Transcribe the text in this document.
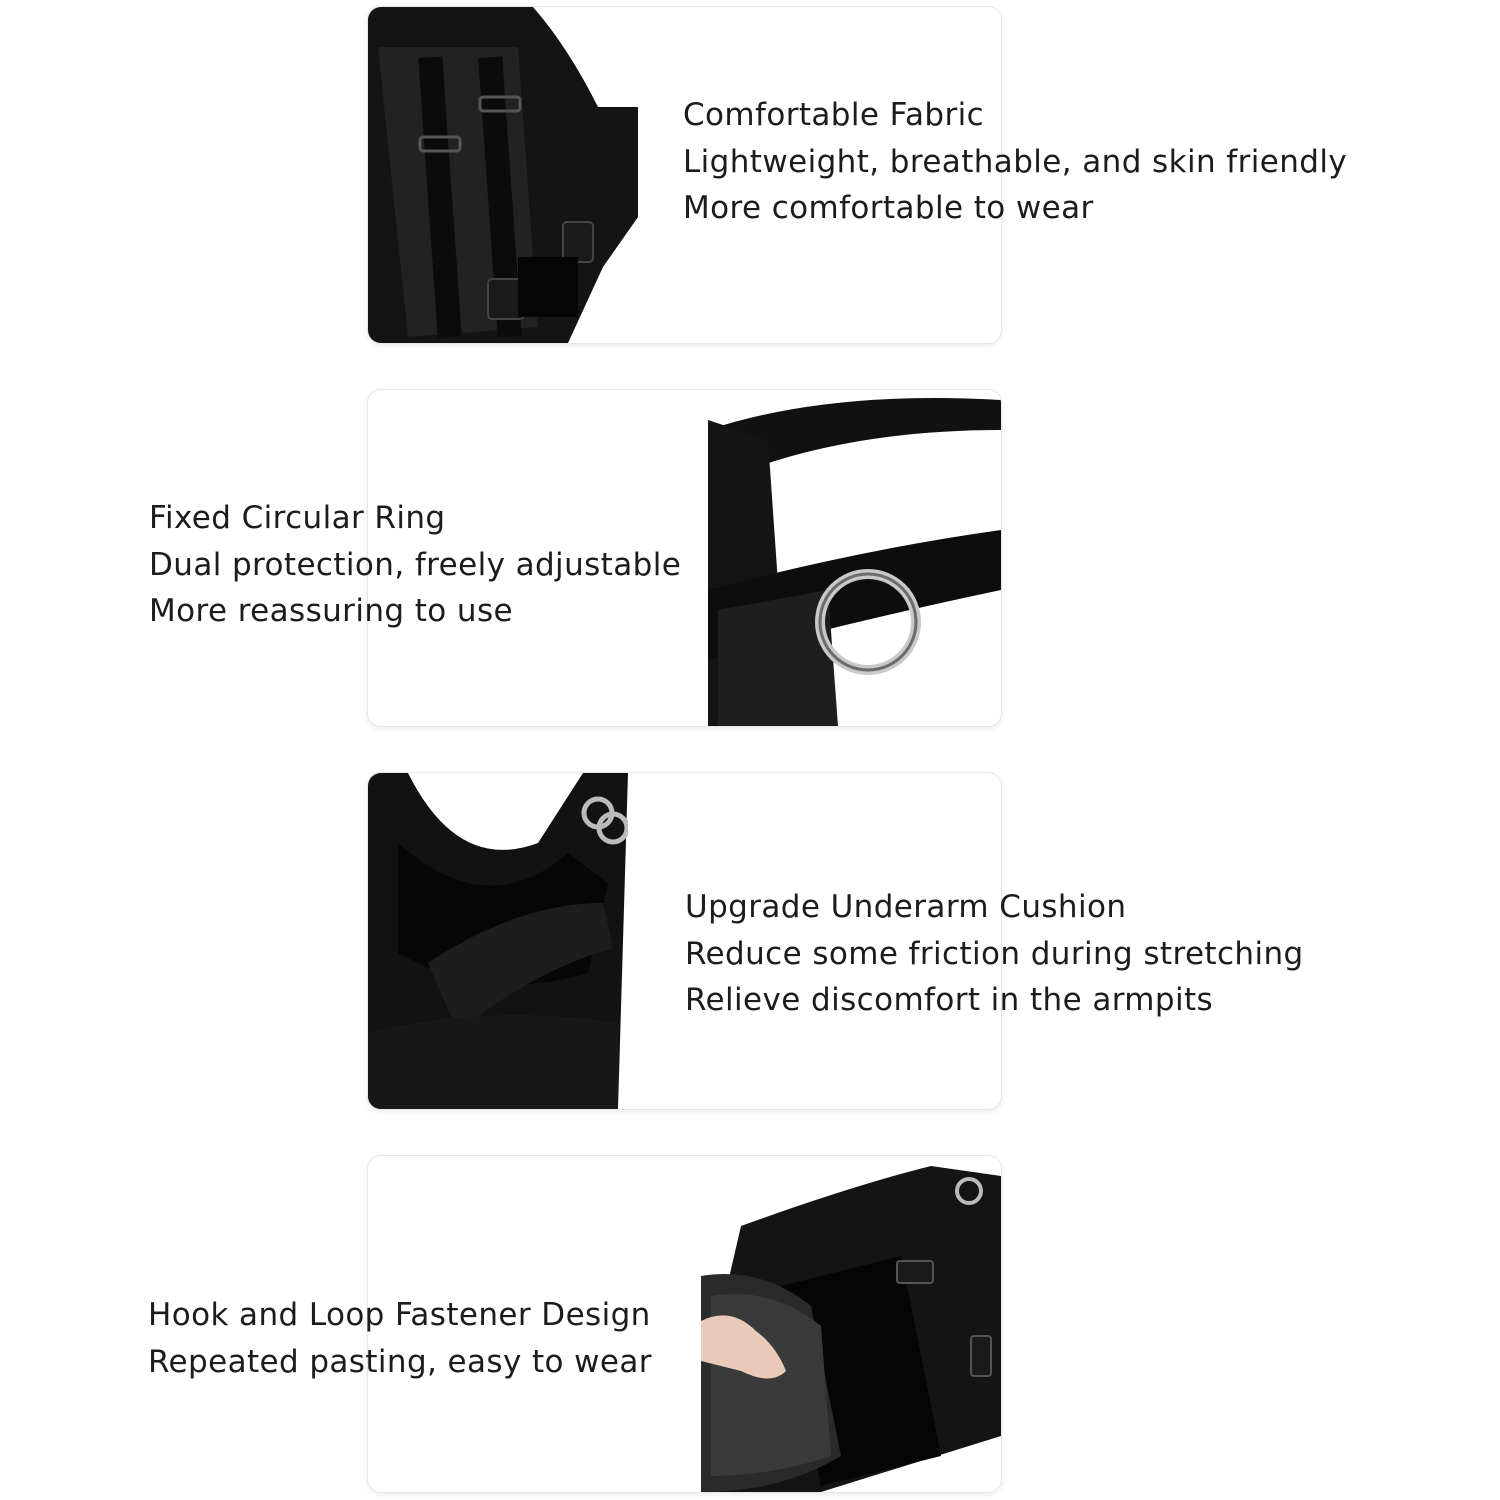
Comfortable Fabric
Lightweight, breathable, and skin friendly
More comfortable to wear
Fixed Circular Ring
Dual protection, freely adjustable
More reassuring to use
Upgrade Underarm Cushion
Reduce some friction during stretching
Relieve discomfort in the armpits
Hook and Loop Fastener Design
Repeated pasting, easy to wear
